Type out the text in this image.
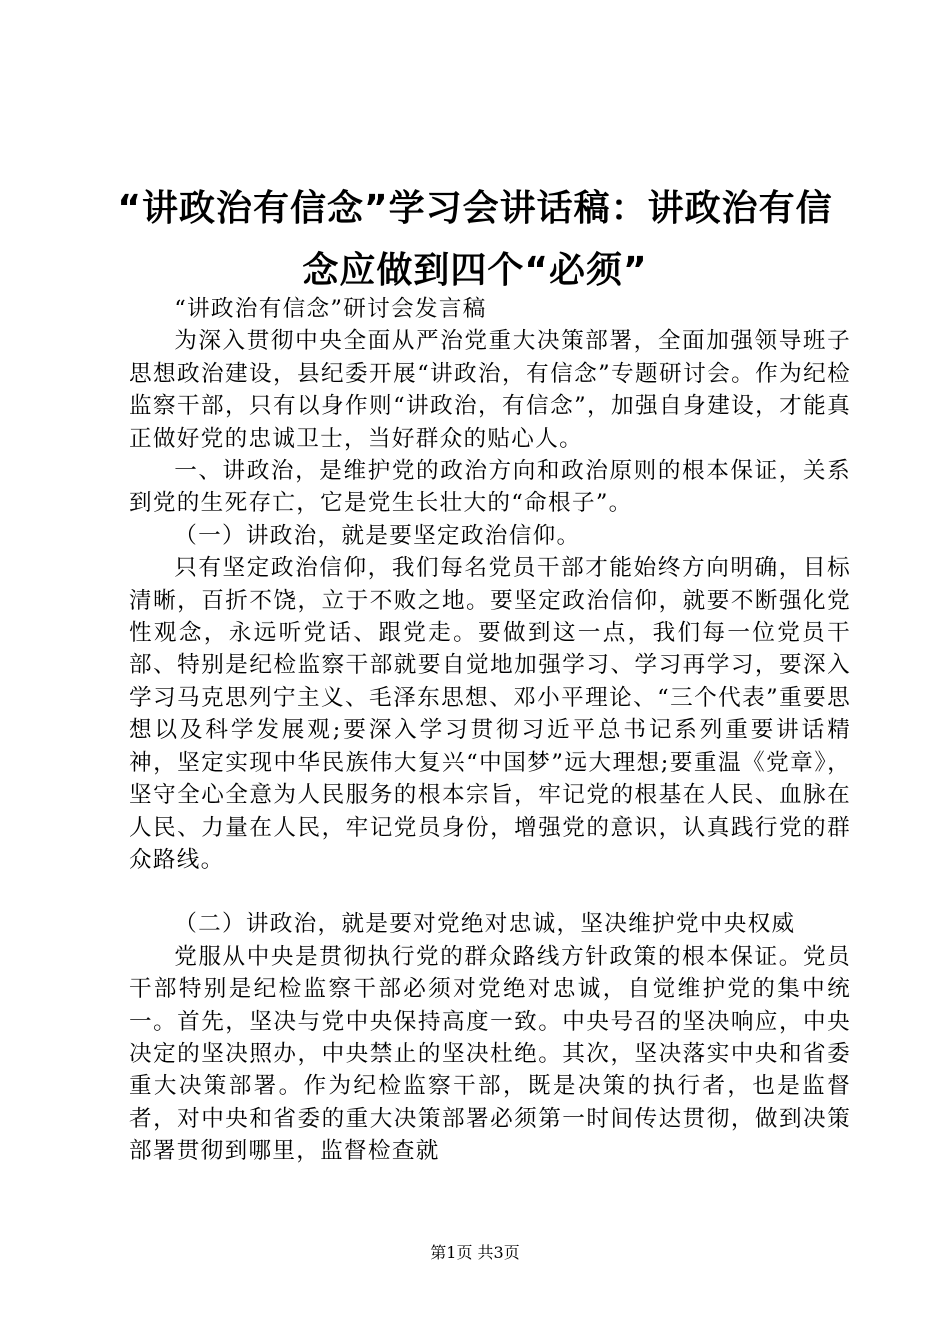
“讲政治有信念”学习会讲话稿：讲政治有信
念应做到四个“必须”

“讲政治有信念”研讨会发言稿

为深入贯彻中央全面从严治党重大决策部署，全面加强领导班子思想政治建设，县纪委开展“讲政治，有信念”专题研讨会。作为纪检监察干部，只有以身作则“讲政治，有信念”，加强自身建设，才能真正做好党的忠诚卫士，当好群众的贴心人。

一、讲政治，是维护党的政治方向和政治原则的根本保证，关系到党的生死存亡，它是党生长壮大的“命根子”。

（一）讲政治，就是要坚定政治信仰。

只有坚定政治信仰，我们每名党员干部才能始终方向明确，目标清晰，百折不饶，立于不败之地。要坚定政治信仰，就要不断强化党性观念，永远听党话、跟党走。要做到这一点，我们每一位党员干部、特别是纪检监察干部就要自觉地加强学习、学习再学习，要深入学习马克思列宁主义、毛泽东思想、邓小平理论、“三个代表”重要思想以及科学发展观;要深入学习贯彻习近平总书记系列重要讲话精神，坚定实现中华民族伟大复兴“中国梦”远大理想;要重温《党章》，坚守全心全意为人民服务的根本宗旨，牢记党的根基在人民、血脉在人民、力量在人民，牢记党员身份，增强党的意识，认真践行党的群众路线。

（二）讲政治，就是要对党绝对忠诚，坚决维护党中央权威

党服从中央是贯彻执行党的群众路线方针政策的根本保证。党员干部特别是纪检监察干部必须对党绝对忠诚，自觉维护党的集中统一。首先，坚决与党中央保持高度一致。中央号召的坚决响应，中央决定的坚决照办，中央禁止的坚决杜绝。其次，坚决落实中央和省委重大决策部署。作为纪检监察干部，既是决策的执行者，也是监督者，对中央和省委的重大决策部署必须第一时间传达贯彻，做到决策部署贯彻到哪里，监督检查就

第1页 共3页
